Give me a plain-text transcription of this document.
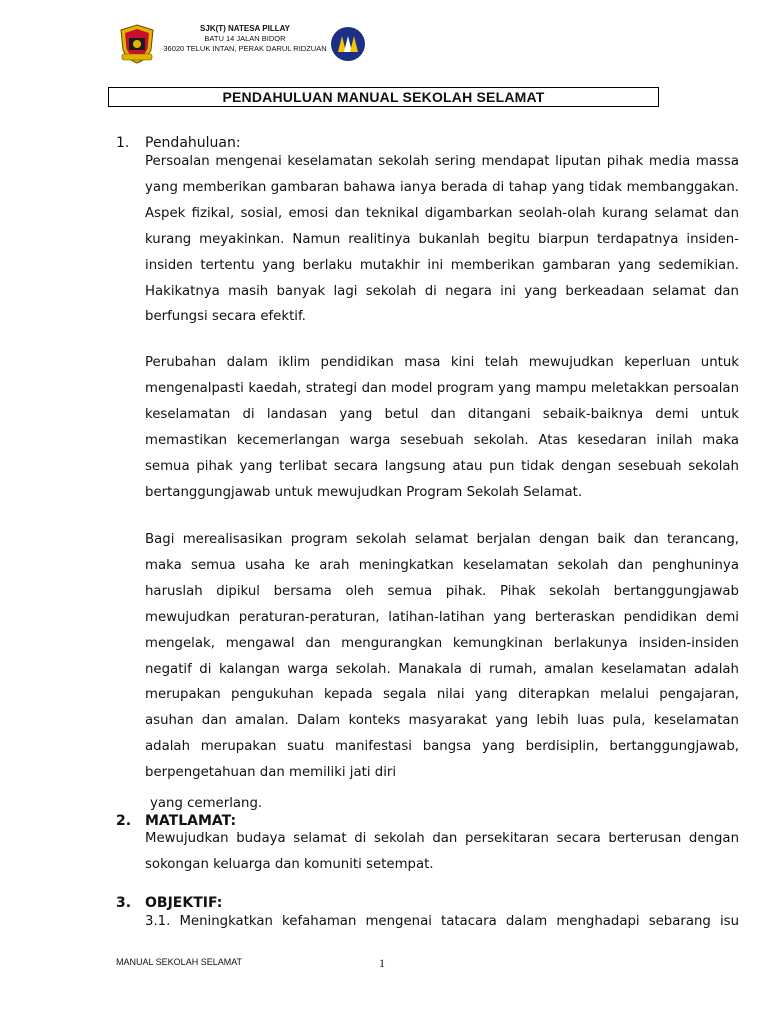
SJK(T) NATESA PILLAY
BATU 14 JALAN BIDOR
36020 TELUK INTAN, PERAK DARUL RIDZUAN
PENDAHULUAN MANUAL SEKOLAH SELAMAT
1. Pendahuluan:
Persoalan mengenai keselamatan sekolah sering mendapat liputan pihak media massa yang memberikan gambaran bahawa ianya berada di tahap yang tidak membanggakan. Aspek fizikal, sosial, emosi dan teknikal digambarkan seolah-olah kurang selamat dan kurang meyakinkan. Namun realitinya bukanlah begitu biarpun terdapatnya insiden-insiden tertentu yang berlaku mutakhir ini memberikan gambaran yang sedemikian. Hakikatnya masih banyak lagi sekolah di negara ini yang berkeadaan selamat dan berfungsi secara efektif.
Perubahan dalam iklim pendidikan masa kini telah mewujudkan keperluan untuk mengenalpasti kaedah, strategi dan model program yang mampu meletakkan persoalan keselamatan di landasan yang betul dan ditangani sebaik-baiknya demi untuk memastikan kecemerlangan warga sesebuah sekolah. Atas kesedaran inilah maka semua pihak yang terlibat secara langsung atau pun tidak dengan sesebuah sekolah bertanggungjawab untuk mewujudkan Program Sekolah Selamat.
Bagi merealisasikan program sekolah selamat berjalan dengan baik dan terancang, maka semua usaha ke arah meningkatkan keselamatan sekolah dan penghuninya haruslah dipikul bersama oleh semua pihak. Pihak sekolah bertanggungjawab mewujudkan peraturan-peraturan, latihan-latihan yang berteraskan pendidikan demi mengelak, mengawal dan mengurangkan kemungkinan berlakunya insiden-insiden negatif di kalangan warga sekolah. Manakala di rumah, amalan keselamatan adalah merupakan pengukuhan kepada segala nilai yang diterapkan melalui pengajaran, asuhan dan amalan. Dalam konteks masyarakat yang lebih luas pula, keselamatan adalah merupakan suatu manifestasi bangsa yang berdisiplin, bertanggungjawab, berpengetahuan dan memiliki jati diri
yang cemerlang.
2. MATLAMAT:
Mewujudkan budaya selamat di sekolah dan persekitaran secara berterusan dengan sokongan keluarga dan komuniti setempat.
3. OBJEKTIF:
3.1. Meningkatkan kefahaman mengenai tatacara dalam menghadapi sebarang isu
MANUAL SEKOLAH SELAMAT	1
